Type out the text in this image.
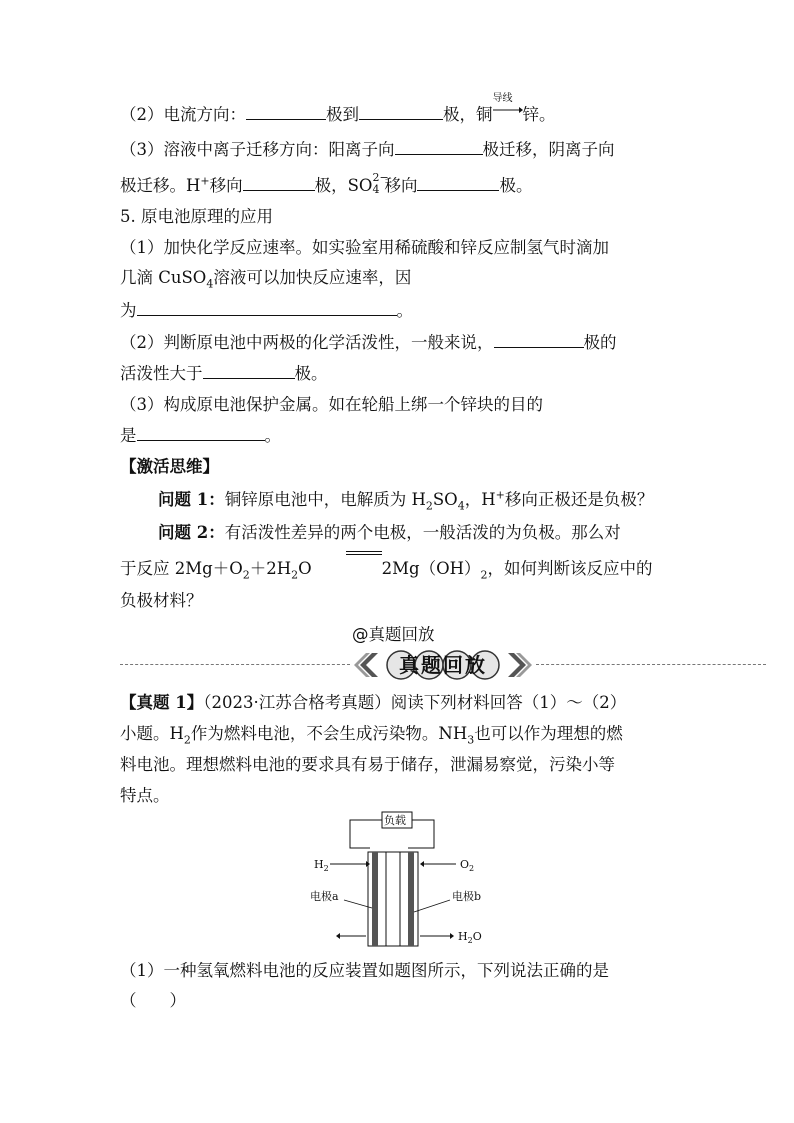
（2）电流方向：	极到	极，铜
导线
锌。
（3）溶液中离子迁移方向：阳离子向	极迁移，阴离子向
极迁移。H+移向	极，SO 2−
4 移向	极。
5. 原电池原理的应用
（1）加快化学反应速率。如实验室用稀硫酸和锌反应制氢气时滴加
几滴 CuSO$_4$溶液可以加快反应速率，因
为	。
（2）判断原电池中两极的化学活泼性，一般来说，	极的
活泼性大于	极。
（3）构成原电池保护金属。如在轮船上绑一个锌块的目的
是	。
【激活思维】
问题 1：铜锌原电池中，电解质为 $H_2SO_4$，H+移向正极还是负极？
问题 2：有活泼性差异的两个电极，一般活泼的为负极。那么对
于反应 $2Mg+O_2+2H_2O$	$2Mg(OH)_2$，如何判断该反应中的
负极材料？
@真题回放
真题回放
【真题 1】（2023·江苏合格考真题）阅读下列材料回答（1）～（2）
小题。$H_2$作为燃料电池，不会生成污染物。$NH_3$也可以作为理想的燃
料电池。理想燃料电池的要求具有易于储存，泄漏易察觉，污染小等
特点。
负载
$H_2$	$O_2$
电极a	电极b
$H_2O$
（1）一种氢氧燃料电池的反应装置如题图所示，下列说法正确的是
（　　）
